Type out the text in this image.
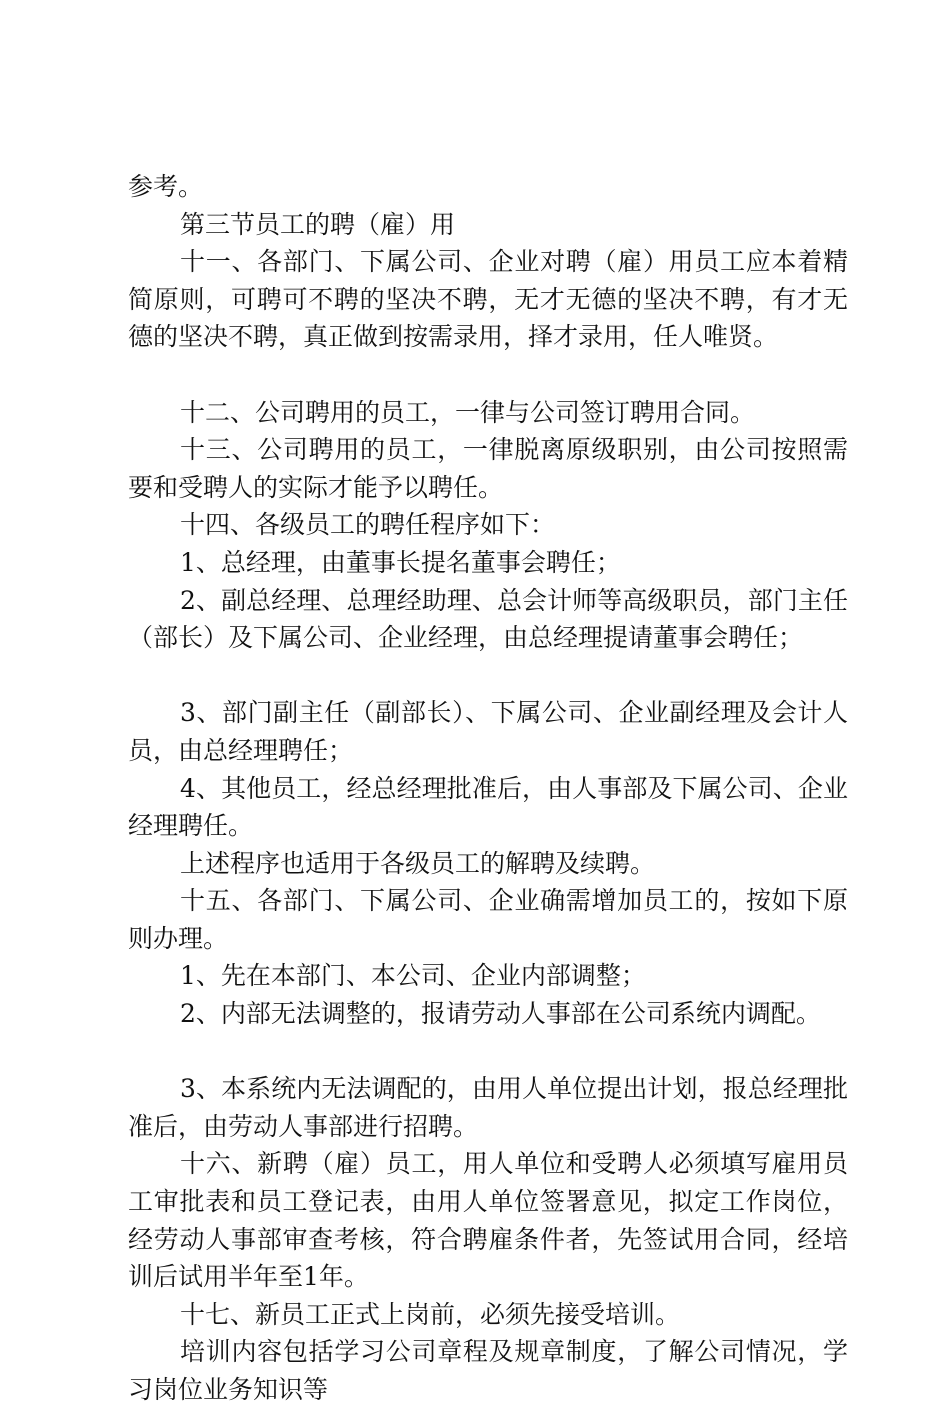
参考。

第三节员工的聘（雇）用

十一、各部门、下属公司、企业对聘（雇）用员工应本着精简原则，可聘可不聘的坚决不聘，无才无德的坚决不聘，有才无德的坚决不聘，真正做到按需录用，择才录用，任人唯贤。

十二、公司聘用的员工，一律与公司签订聘用合同。

十三、公司聘用的员工，一律脱离原级职别，由公司按照需要和受聘人的实际才能予以聘任。

十四、各级员工的聘任程序如下：

1、总经理，由董事长提名董事会聘任；

2、副总经理、总理经助理、总会计师等高级职员，部门主任（部长）及下属公司、企业经理，由总经理提请董事会聘任；

3、部门副主任（副部长）、下属公司、企业副经理及会计人员，由总经理聘任；

4、其他员工，经总经理批准后，由人事部及下属公司、企业经理聘任。

上述程序也适用于各级员工的解聘及续聘。

十五、各部门、下属公司、企业确需增加员工的，按如下原则办理。

1、先在本部门、本公司、企业内部调整；

2、内部无法调整的，报请劳动人事部在公司系统内调配。

3、本系统内无法调配的，由用人单位提出计划，报总经理批准后，由劳动人事部进行招聘。

十六、新聘（雇）员工，用人单位和受聘人必须填写雇用员工审批表和员工登记表，由用人单位签署意见，拟定工作岗位，经劳动人事部审查考核，符合聘雇条件者，先签试用合同，经培训后试用半年至1年。

十七、新员工正式上岗前，必须先接受培训。

培训内容包括学习公司章程及规章制度，了解公司情况，学习岗位业务知识等
